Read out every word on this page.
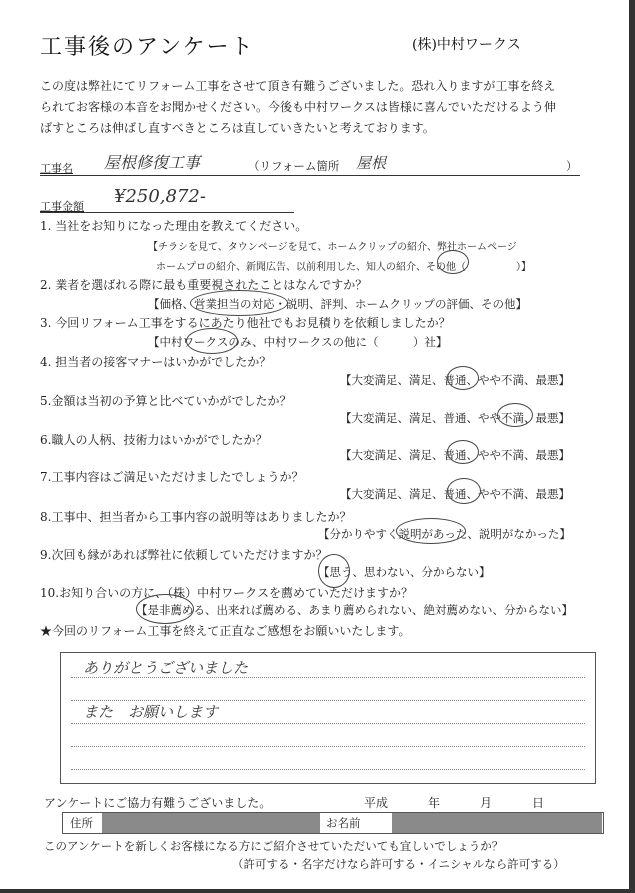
工事後のアンケート	(株)中村ワークス
この度は弊社にてリフォーム工事をさせて頂き有難うございました。恐れ入りますが工事を終え
られてお客様の本音をお聞かせください。今後も中村ワークスは皆様に喜んでいただけるよう伸
ばすところは伸ばし直すべきところは直していきたいと考えております。
工事名 屋根修復工事	（リフォーム箇所 屋根	）
工事金額 ¥250,872-
1. 当社をお知りになった理由を教えてください。
【チラシを見て、タウンページを見て、ホームクリップの紹介、弊社ホームページ
ホームプロの紹介、新聞広告、以前利用した、知人の紹介、その他（　　　　　）】
2. 業者を選ばれる際に最も重要視されたことはなんですか？
【価格、営業担当の対応・説明、評判、ホームクリップの評価、その他】
3. 今回リフォーム工事をするにあたり他社でもお見積りを依頼しましたか？
【中村ワークスのみ、中村ワークスの他に（　　　）社】
4. 担当者の接客マナーはいかがでしたか？
【大変満足、満足、普通、やや不満、最悪】
5.金額は当初の予算と比べていかがでしたか？
【大変満足、満足、普通、やや不満、最悪】
6.職人の人柄、技術力はいかがでしたか？
【大変満足、満足、普通、やや不満、最悪】
7.工事内容はご満足いただけましたでしょうか？
【大変満足、満足、普通、やや不満、最悪】
8.工事中、担当者から工事内容の説明等はありましたか？
【分かりやすく説明があった、説明がなかった】
9.次回も縁があれば弊社に依頼していただけますか？
【思う、思わない、分からない】
10.お知り合いの方に、（株）中村ワークスを薦めていただけますか？
【是非薦める、出来れば薦める、あまり薦められない、絶対薦めない、分からない】
★今回のリフォーム工事を終えて正直なご感想をお願いいたします。
ありがとうございました
また　お願いします
アンケートにご協力有難うございました。	平成	年	月	日
住所	お名前
このアンケートを新しくお客様になる方にご紹介させていただいても宜しいでしょうか？
（許可する・名字だけなら許可する・イニシャルなら許可する）
